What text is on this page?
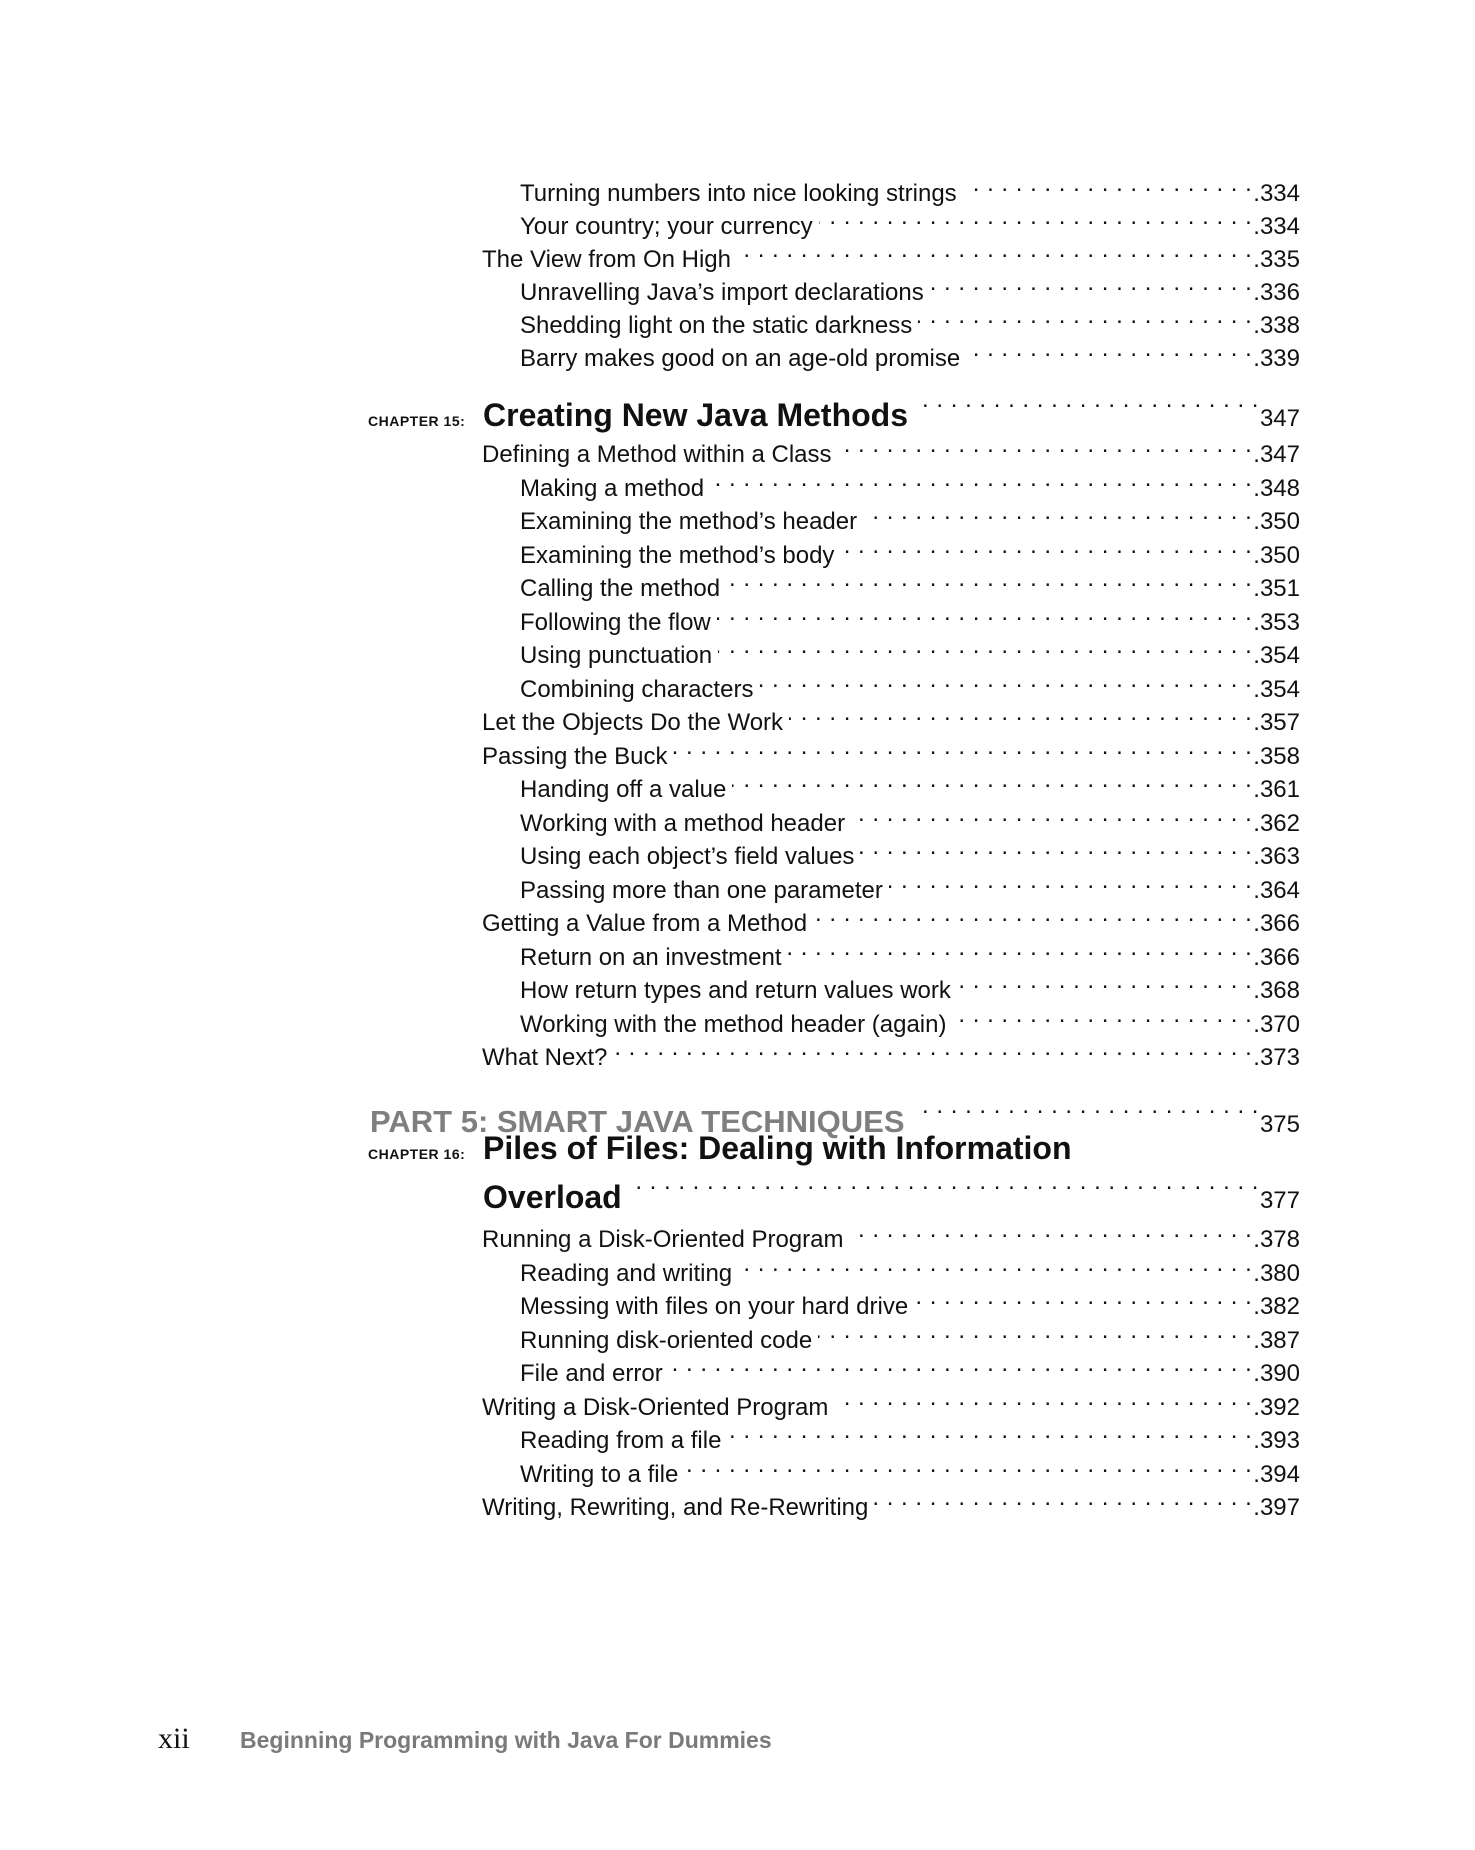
Turning numbers into nice looking strings . . .	.334
Your country; your currency . . .	.334
The View from On High . . .	.335
Unravelling Java’s import declarations . . .	.336
Shedding light on the static darkness . . .	.338
Barry makes good on an age-old promise . . .	.339
CHAPTER 15: Creating New Java Methods . . .	347
Defining a Method within a Class . . .	.347
Making a method . . .	.348
Examining the method’s header . . .	.350
Examining the method’s body . . .	.350
Calling the method . . .	.351
Following the flow . . .	.353
Using punctuation . . .	.354
Combining characters . . .	.354
Let the Objects Do the Work . . .	.357
Passing the Buck . . .	.358
Handing off a value . . .	.361
Working with a method header . . .	.362
Using each object’s field values . . .	.363
Passing more than one parameter . . .	.364
Getting a Value from a Method . . .	.366
Return on an investment . . .	.366
How return types and return values work . . .	.368
Working with the method header (again) . . .	.370
What Next? . . .	.373
PART 5: SMART JAVA TECHNIQUES . . .	375
CHAPTER 16: Piles of Files: Dealing with Information
Overload . . .	377
Running a Disk-Oriented Program . . .	.378
Reading and writing . . .	.380
Messing with files on your hard drive . . .	.382
Running disk-oriented code . . .	.387
File and error . . .	.390
Writing a Disk-Oriented Program . . .	.392
Reading from a file . . .	.393
Writing to a file . . .	.394
Writing, Rewriting, and Re-Rewriting . . .	.397
xii	Beginning Programming with Java For Dummies
